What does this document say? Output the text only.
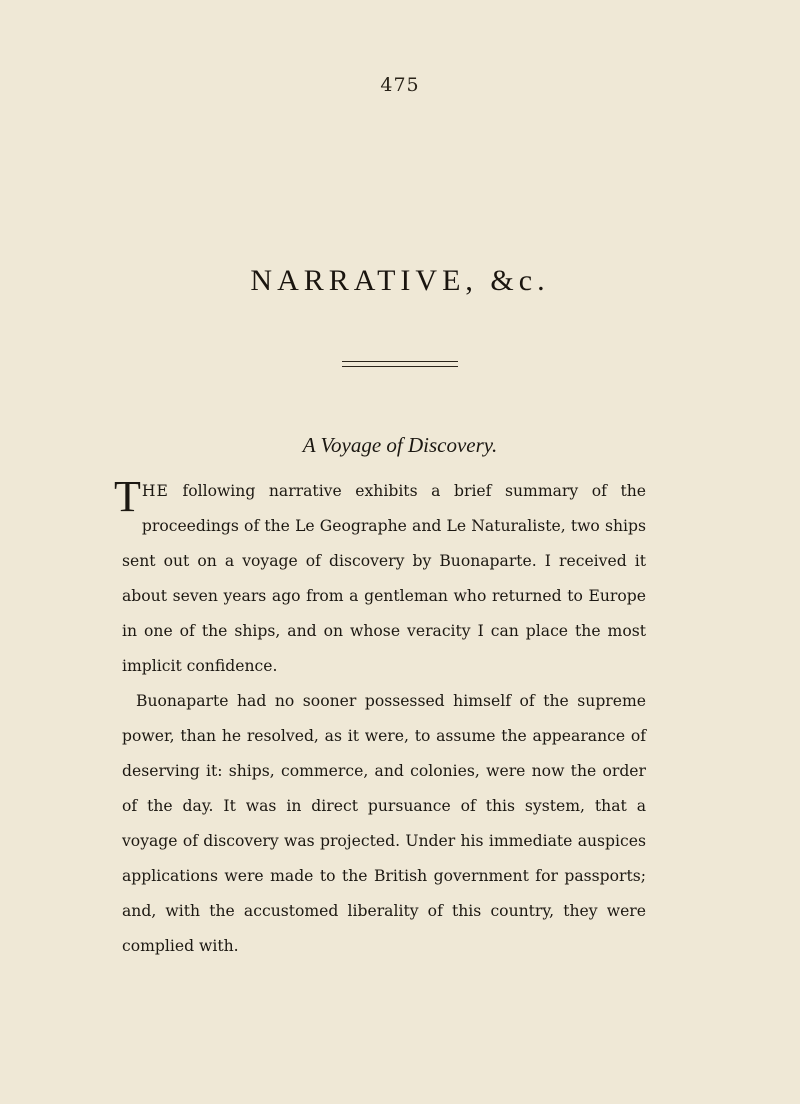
475
NARRATIVE, &c.
A Voyage of Discovery.

THE following narrative exhibits a brief summary of the proceedings of the Le Geographe and Le Naturaliste, two ships sent out on a voyage of discovery by Buonaparte. I received it about seven years ago from a gentleman who returned to Europe in one of the ships, and on whose veracity I can place the most implicit confidence.

Buonaparte had no sooner possessed himself of the supreme power, than he resolved, as it were, to assume the appearance of deserving it: ships, commerce, and colonies, were now the order of the day. It was in direct pursuance of this system, that a voyage of discovery was projected. Under his immediate auspices applications were made to the British government for passports; and, with the accustomed liberality of this country, they were complied with.
